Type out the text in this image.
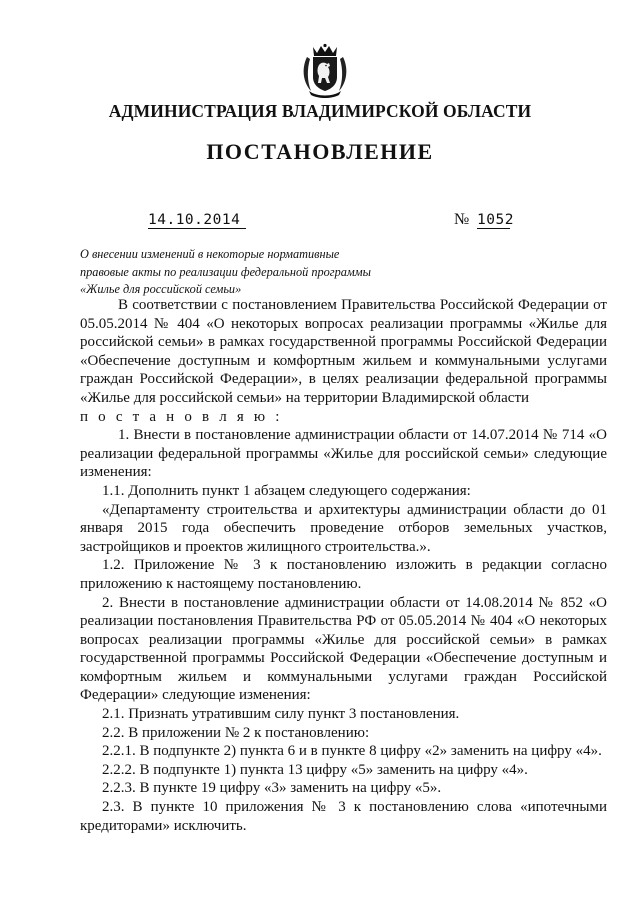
АДМИНИСТРАЦИЯ ВЛАДИМИРСКОЙ ОБЛАСТИ
ПОСТАНОВЛЕНИЕ
14.10.2014	№ 1052
О внесении изменений в некоторые нормативные
правовые акты по реализации федеральной программы
«Жилье для российской семьи»

В соответствии с постановлением Правительства Российской Федерации от 05.05.2014 № 404 «О некоторых вопросах реализации программы «Жилье для российской семьи» в рамках государственной программы Российской Федерации «Обеспечение доступным и комфортным жильем и коммунальными услугами граждан Российской Федерации», в целях реализации федеральной программы «Жилье для российской семьи» на территории Владимирской области

п о с т а н о в л я ю :

1. Внести в постановление администрации области от 14.07.2014 № 714 «О реализации федеральной программы «Жилье для российской семьи» следующие изменения:

1.1. Дополнить пункт 1 абзацем следующего содержания:

«Департаменту строительства и архитектуры администрации области до 01 января 2015 года обеспечить проведение отборов земельных участков, застройщиков и проектов жилищного строительства.».

1.2. Приложение № 3 к постановлению изложить в редакции согласно приложению к настоящему постановлению.

2. Внести в постановление администрации области от 14.08.2014 № 852 «О реализации постановления Правительства РФ от 05.05.2014 № 404 «О некоторых вопросах реализации программы «Жилье для российской семьи» в рамках государственной программы Российской Федерации «Обеспечение доступным и комфортным жильем и коммунальными услугами граждан Российской Федерации» следующие изменения:

2.1. Признать утратившим силу пункт 3 постановления.

2.2. В приложении № 2 к постановлению:

2.2.1. В подпункте 2) пункта 6 и в пункте 8 цифру «2» заменить на цифру «4».

2.2.2. В подпункте 1) пункта 13 цифру «5» заменить на цифру «4».

2.2.3. В пункте 19 цифру «3» заменить на цифру «5».

2.3. В пункте 10 приложения № 3 к постановлению слова «ипотечными кредиторами» исключить.
